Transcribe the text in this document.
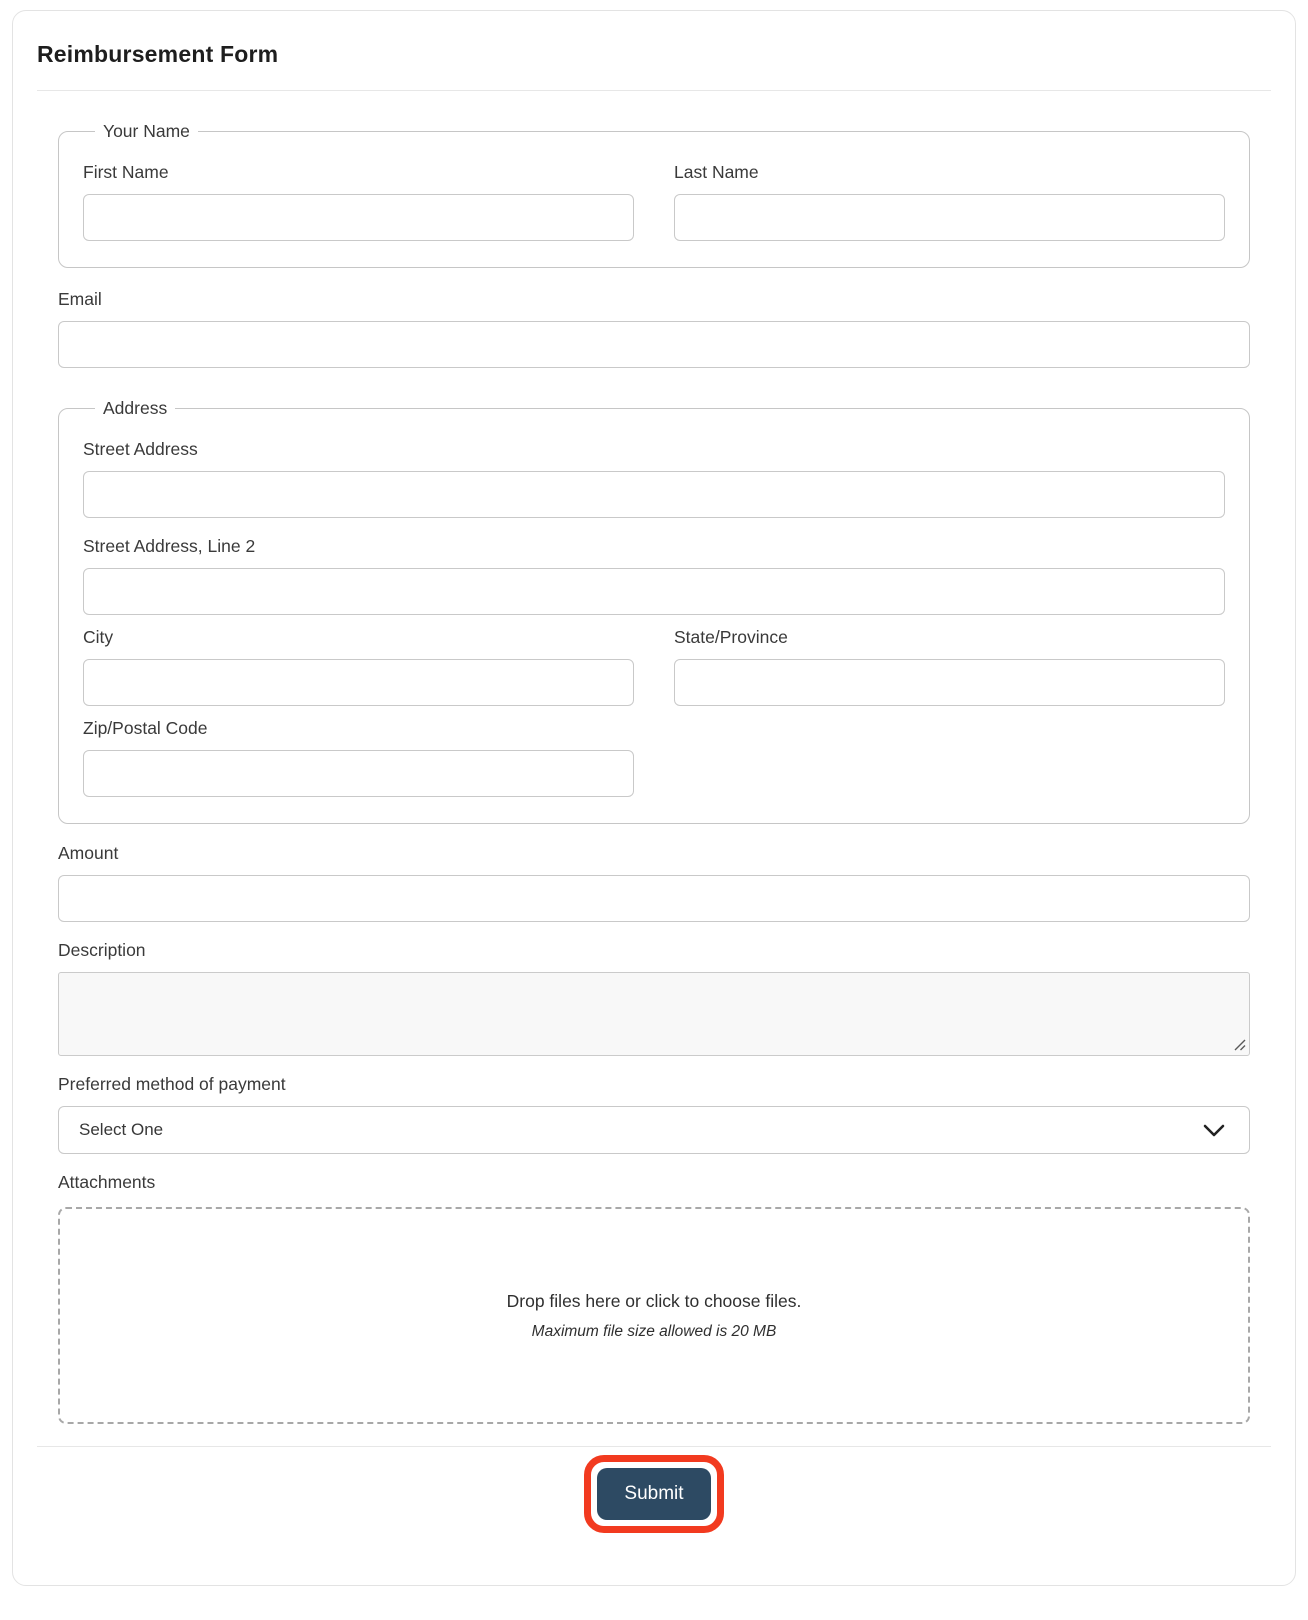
Reimbursement Form
Your Name
First Name	Last Name
Email
Address
Street Address
Street Address, Line 2
City	State/Province
Zip/Postal Code
Amount
Description
Preferred method of payment
Select One
Attachments
Drop files here or click to choose files.
Maximum file size allowed is 20 MB
Submit
